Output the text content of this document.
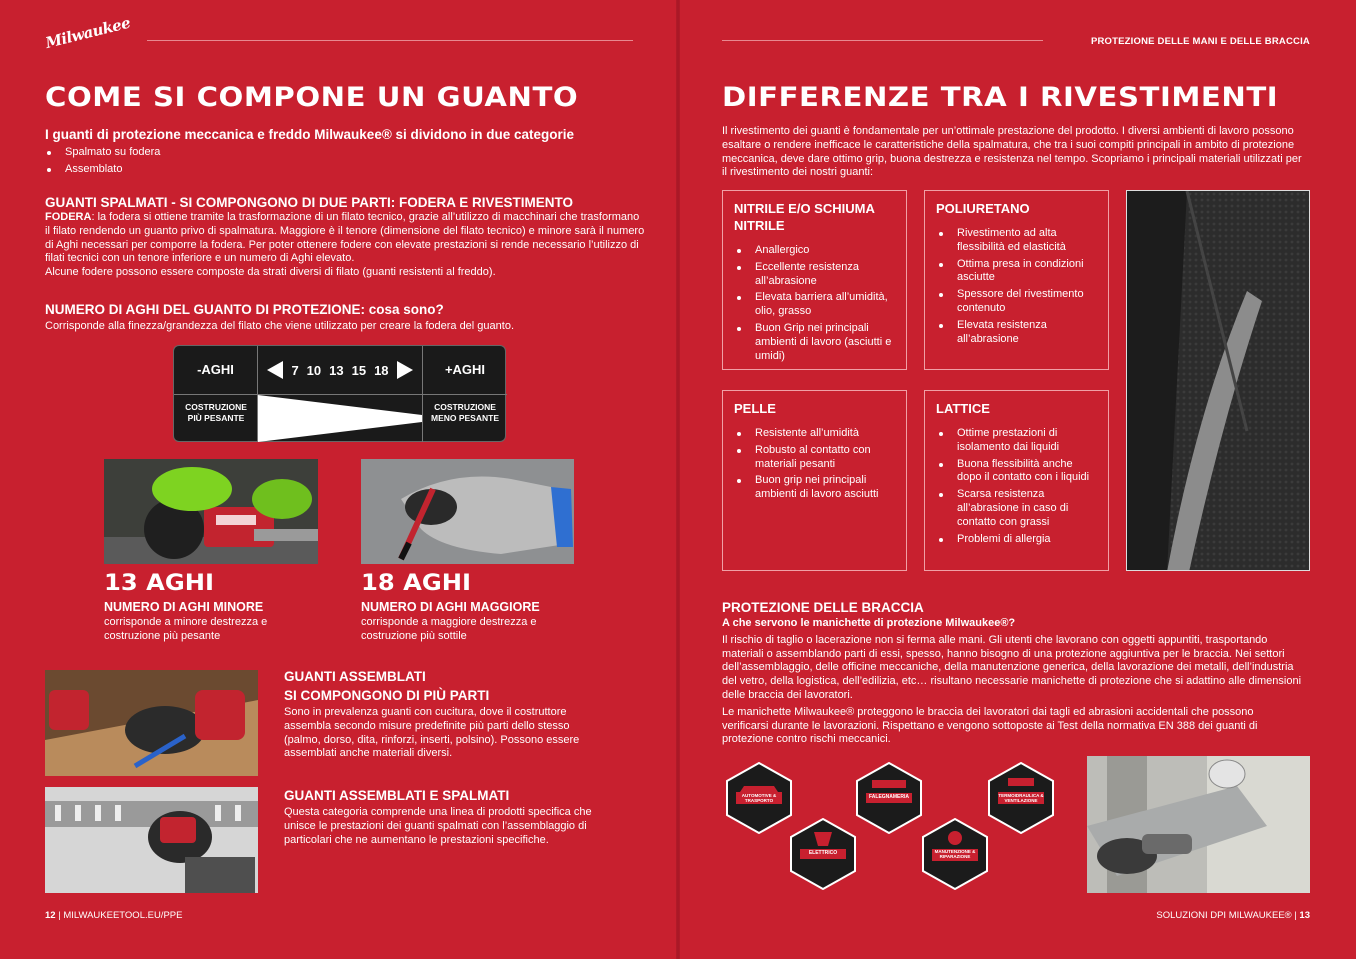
Milwaukee
COME SI COMPONE UN GUANTO
I guanti di protezione meccanica e freddo Milwaukee® si dividono in due categorie
Spalmato su fodera
Assemblato
GUANTI SPALMATI - SI COMPONGONO DI DUE PARTI: FODERA E RIVESTIMENTO
FODERA: la fodera si ottiene tramite la trasformazione di un filato tecnico, grazie all’utilizzo di macchinari che trasformano il filato rendendo un guanto privo di spalmatura. Maggiore è il tenore (dimensione del filato tecnico) e minore sarà il numero di Aghi necessari per comporre la fodera. Per poter ottenere fodere con elevate prestazioni si rende necessario l’utilizzo di filati tecnici con un tenore inferiore e un numero di Aghi elevato.
Alcune fodere possono essere composte da strati diversi di filato (guanti resistenti al freddo).
NUMERO DI AGHI DEL GUANTO DI PROTEZIONE: cosa sono?
Corrisponde alla finezza/grandezza del filato che viene utilizzato per creare la fodera del guanto.
-AGHI	+AGHI
7 10 13 15 18
COSTRUZIONE PIÙ PESANTE
COSTRUZIONE MENO PESANTE
13 AGHI
NUMERO DI AGHI MINORE
corrisponde a minore destrezza e costruzione più pesante
18 AGHI
NUMERO DI AGHI MAGGIORE
corrisponde a maggiore destrezza e costruzione più sottile
GUANTI ASSEMBLATI
SI COMPONGONO DI PIÙ PARTI
Sono in prevalenza guanti con cucitura, dove il costruttore assembla secondo misure predefinite più parti dello stesso (palmo, dorso, dita, rinforzi, inserti, polsino). Possono essere assemblati anche materiali diversi.
GUANTI ASSEMBLATI E SPALMATI
Questa categoria comprende una linea di prodotti specifica che unisce le prestazioni dei guanti spalmati con l’assemblaggio di particolari che ne aumentano le prestazioni specifiche.
12 | MILWAUKEETOOL.EU/PPE
PROTEZIONE DELLE MANI E DELLE BRACCIA
DIFFERENZE TRA I RIVESTIMENTI
Il rivestimento dei guanti è fondamentale per un’ottimale prestazione del prodotto. I diversi ambienti di lavoro possono esaltare o rendere inefficace le caratteristiche della spalmatura, che tra i suoi compiti principali in ambito di protezione meccanica, deve dare ottimo grip, buona destrezza e resistenza nel tempo. Scopriamo i principali materiali utilizzati per il rivestimento dei nostri guanti:
NITRILE E/O SCHIUMA NITRILE
Anallergico
Eccellente resistenza all’abrasione
Elevata barriera all’umidità, olio, grasso
Buon Grip nei principali ambienti di lavoro (asciutti e umidi)
POLIURETANO
Rivestimento ad alta flessibilità ed elasticità
Ottima presa in condizioni asciutte
Spessore del rivestimento contenuto
Elevata resistenza all’abrasione
PELLE
Resistente all’umidità
Robusto al contatto con materiali pesanti
Buon grip nei principali ambienti di lavoro asciutti
LATTICE
Ottime prestazioni di isolamento dai liquidi
Buona flessibilità anche dopo il contatto con i liquidi
Scarsa resistenza all’abrasione in caso di contatto con grassi
Problemi di allergia
PROTEZIONE DELLE BRACCIA
A che servono le manichette di protezione Milwaukee®?
Il rischio di taglio o lacerazione non si ferma alle mani. Gli utenti che lavorano con oggetti appuntiti, trasportando materiali o assemblando parti di essi, spesso, hanno bisogno di una protezione aggiuntiva per le braccia. Nei settori dell’assemblaggio, delle officine meccaniche, della manutenzione generica, della lavorazione dei metalli, dell’industria del vetro, della logistica, dell’edilizia, etc… risultano necessarie manichette di protezione che si adattino alle dimensioni delle braccia dei lavoratori.
Le manichette Milwaukee® proteggono le braccia dei lavoratori dai tagli ed abrasioni accidentali che possono verificarsi durante le lavorazioni. Rispettano e vengono sottoposte ai Test della normativa EN 388 dei guanti di protezione contro rischi meccanici.
AUTOMOTIVE & TRASPORTO
ELETTRICO
FALEGNAMERIA
MANUTENZIONE & RIPARAZIONE
TERMOIDRAULICA & VENTILAZIONE
SOLUZIONI DPI MILWAUKEE® | 13
